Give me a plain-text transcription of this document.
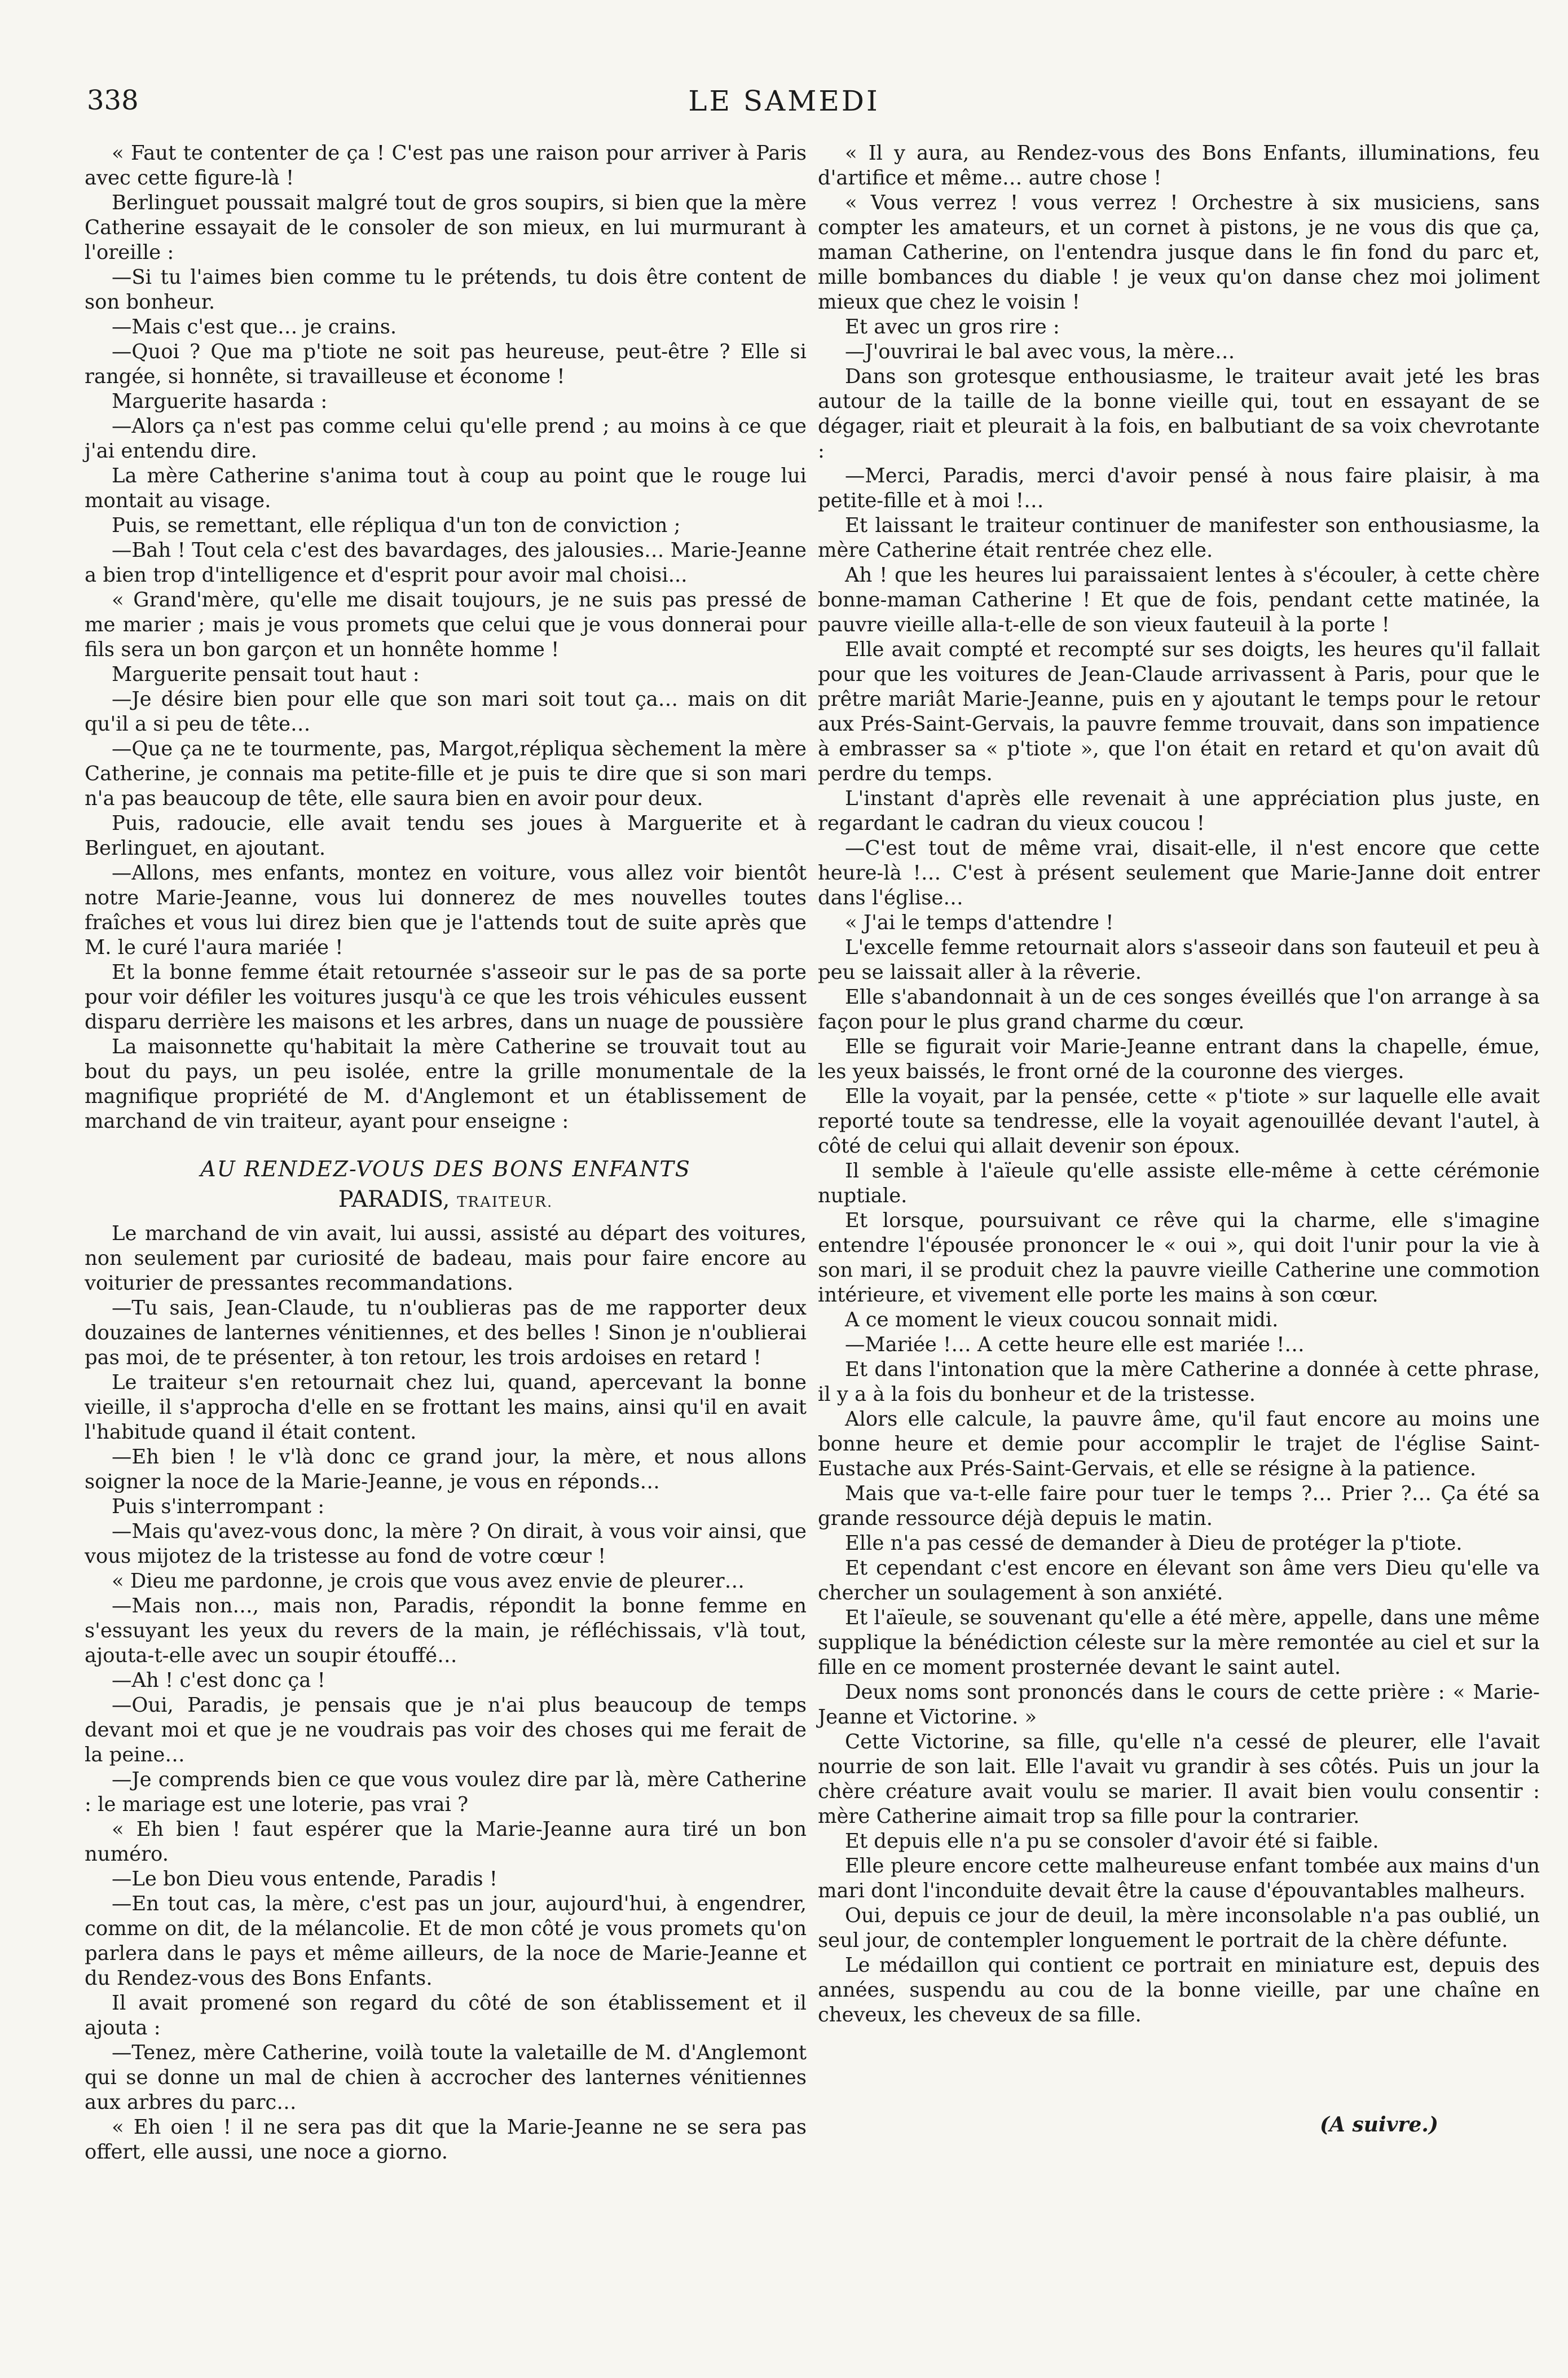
338	LE SAMEDI

« Faut te contenter de ça ! C'est pas une raison pour arriver à Paris avec cette figure-là !

Berlinguet poussait malgré tout de gros soupirs, si bien que la mère Catherine essayait de le consoler de son mieux, en lui murmurant à l'oreille :

—Si tu l'aimes bien comme tu le prétends, tu dois être content de son bonheur.

—Mais c'est que… je crains.

—Quoi ? Que ma p'tiote ne soit pas heureuse, peut-être ? Elle si rangée, si honnête, si travailleuse et économe !

Marguerite hasarda :

—Alors ça n'est pas comme celui qu'elle prend ; au moins à ce que j'ai entendu dire.

La mère Catherine s'anima tout à coup au point que le rouge lui montait au visage.

Puis, se remettant, elle répliqua d'un ton de conviction ;

—Bah ! Tout cela c'est des bavardages, des jalousies… Marie-Jeanne a bien trop d'intelligence et d'esprit pour avoir mal choisi...

« Grand'mère, qu'elle me disait toujours, je ne suis pas pressé de me marier ; mais je vous promets que celui que je vous donnerai pour fils sera un bon garçon et un honnête homme !

Marguerite pensait tout haut :

—Je désire bien pour elle que son mari soit tout ça… mais on dit qu'il a si peu de tête…

—Que ça ne te tourmente, pas, Margot,répliqua sèchement la mère Catherine, je connais ma petite-fille et je puis te dire que si son mari n'a pas beaucoup de tête, elle saura bien en avoir pour deux.

Puis, radoucie, elle avait tendu ses joues à Marguerite et à Berlinguet, en ajoutant.

—Allons, mes enfants, montez en voiture, vous allez voir bientôt notre Marie-Jeanne, vous lui donnerez de mes nouvelles toutes fraîches et vous lui direz bien que je l'attends tout de suite après que M. le curé l'aura mariée !

Et la bonne femme était retournée s'asseoir sur le pas de sa porte pour voir défiler les voitures jusqu'à ce que les trois véhicules eussent disparu derrière les maisons et les arbres, dans un nuage de poussière

La maisonnette qu'habitait la mère Catherine se trouvait tout au bout du pays, un peu isolée, entre la grille monumentale de la magnifique propriété de M. d'Anglemont et un établissement de marchand de vin traiteur, ayant pour enseigne :

AU RENDEZ-VOUS DES BONS ENFANTS
PARADIS, TRAITEUR.

Le marchand de vin avait, lui aussi, assisté au départ des voitures, non seulement par curiosité de badeau, mais pour faire encore au voiturier de pressantes recommandations.

—Tu sais, Jean-Claude, tu n'oublieras pas de me rapporter deux douzaines de lanternes vénitiennes, et des belles ! Sinon je n'oublierai pas moi, de te présenter, à ton retour, les trois ardoises en retard !

Le traiteur s'en retournait chez lui, quand, apercevant la bonne vieille, il s'approcha d'elle en se frottant les mains, ainsi qu'il en avait l'habitude quand il était content.

—Eh bien ! le v'là donc ce grand jour, la mère, et nous allons soigner la noce de la Marie-Jeanne, je vous en réponds…

Puis s'interrompant :

—Mais qu'avez-vous donc, la mère ? On dirait, à vous voir ainsi, que vous mijotez de la tristesse au fond de votre cœur !

« Dieu me pardonne, je crois que vous avez envie de pleurer…

—Mais non…, mais non, Paradis, répondit la bonne femme en s'essuyant les yeux du revers de la main, je réfléchissais, v'là tout, ajouta-t-elle avec un soupir étouffé…

—Ah ! c'est donc ça !

—Oui, Paradis, je pensais que je n'ai plus beaucoup de temps devant moi et que je ne voudrais pas voir des choses qui me ferait de la peine…

—Je comprends bien ce que vous voulez dire par là, mère Catherine : le mariage est une loterie, pas vrai ?

« Eh bien ! faut espérer que la Marie-Jeanne aura tiré un bon numéro.

—Le bon Dieu vous entende, Paradis !

—En tout cas, la mère, c'est pas un jour, aujourd'hui, à engendrer, comme on dit, de la mélancolie. Et de mon côté je vous promets qu'on parlera dans le pays et même ailleurs, de la noce de Marie-Jeanne et du Rendez-vous des Bons Enfants.

Il avait promené son regard du côté de son établissement et il ajouta :

—Tenez, mère Catherine, voilà toute la valetaille de M. d'Anglemont qui se donne un mal de chien à accrocher des lanternes vénitiennes aux arbres du parc…

« Eh oien ! il ne sera pas dit que la Marie-Jeanne ne se sera pas offert, elle aussi, une noce a giorno.

« Il y aura, au Rendez-vous des Bons Enfants, illuminations, feu d'artifice et même… autre chose !

« Vous verrez ! vous verrez ! Orchestre à six musiciens, sans compter les amateurs, et un cornet à pistons, je ne vous dis que ça, maman Catherine, on l'entendra jusque dans le fin fond du parc et, mille bombances du diable ! je veux qu'on danse chez moi joliment mieux que chez le voisin !

Et avec un gros rire :

—J'ouvrirai le bal avec vous, la mère…

Dans son grotesque enthousiasme, le traiteur avait jeté les bras autour de la taille de la bonne vieille qui, tout en essayant de se dégager, riait et pleurait à la fois, en balbutiant de sa voix chevrotante :

—Merci, Paradis, merci d'avoir pensé à nous faire plaisir, à ma petite-fille et à moi !…

Et laissant le traiteur continuer de manifester son enthousiasme, la mère Catherine était rentrée chez elle.

Ah ! que les heures lui paraissaient lentes à s'écouler, à cette chère bonne-maman Catherine ! Et que de fois, pendant cette matinée, la pauvre vieille alla-t-elle de son vieux fauteuil à la porte !

Elle avait compté et recompté sur ses doigts, les heures qu'il fallait pour que les voitures de Jean-Claude arrivassent à Paris, pour que le prêtre mariât Marie-Jeanne, puis en y ajoutant le temps pour le retour aux Prés-Saint-Gervais, la pauvre femme trouvait, dans son impatience à embrasser sa « p'tiote », que l'on était en retard et qu'on avait dû perdre du temps.

L'instant d'après elle revenait à une appréciation plus juste, en regardant le cadran du vieux coucou !

—C'est tout de même vrai, disait-elle, il n'est encore que cette heure-là !… C'est à présent seulement que Marie-Janne doit entrer dans l'église…

« J'ai le temps d'attendre !

L'excelle femme retournait alors s'asseoir dans son fauteuil et peu à peu se laissait aller à la rêverie.

Elle s'abandonnait à un de ces songes éveillés que l'on arrange à sa façon pour le plus grand charme du cœur.

Elle se figurait voir Marie-Jeanne entrant dans la chapelle, émue, les yeux baissés, le front orné de la couronne des vierges.

Elle la voyait, par la pensée, cette « p'tiote » sur laquelle elle avait reporté toute sa tendresse, elle la voyait agenouillée devant l'autel, à côté de celui qui allait devenir son époux.

Il semble à l'aïeule qu'elle assiste elle-même à cette cérémonie nuptiale.

Et lorsque, poursuivant ce rêve qui la charme, elle s'imagine entendre l'épousée prononcer le « oui », qui doit l'unir pour la vie à son mari, il se produit chez la pauvre vieille Catherine une commotion intérieure, et vivement elle porte les mains à son cœur.

A ce moment le vieux coucou sonnait midi.

—Mariée !… A cette heure elle est mariée !…

Et dans l'intonation que la mère Catherine a donnée à cette phrase, il y a à la fois du bonheur et de la tristesse.

Alors elle calcule, la pauvre âme, qu'il faut encore au moins une bonne heure et demie pour accomplir le trajet de l'église Saint-Eustache aux Prés-Saint-Gervais, et elle se résigne à la patience.

Mais que va-t-elle faire pour tuer le temps ?… Prier ?… Ça été sa grande ressource déjà depuis le matin.

Elle n'a pas cessé de demander à Dieu de protéger la p'tiote.

Et cependant c'est encore en élevant son âme vers Dieu qu'elle va chercher un soulagement à son anxiété.

Et l'aïeule, se souvenant qu'elle a été mère, appelle, dans une même supplique la bénédiction céleste sur la mère remontée au ciel et sur la fille en ce moment prosternée devant le saint autel.

Deux noms sont prononcés dans le cours de cette prière : « Marie-Jeanne et Victorine. »

Cette Victorine, sa fille, qu'elle n'a cessé de pleurer, elle l'avait nourrie de son lait. Elle l'avait vu grandir à ses côtés. Puis un jour la chère créature avait voulu se marier. Il avait bien voulu consentir : mère Catherine aimait trop sa fille pour la contrarier.

Et depuis elle n'a pu se consoler d'avoir été si faible.

Elle pleure encore cette malheureuse enfant tombée aux mains d'un mari dont l'inconduite devait être la cause d'épouvantables malheurs.

Oui, depuis ce jour de deuil, la mère inconsolable n'a pas oublié, un seul jour, de contempler longuement le portrait de la chère défunte.

Le médaillon qui contient ce portrait en miniature est, depuis des années, suspendu au cou de la bonne vieille, par une chaîne en cheveux, les cheveux de sa fille.

(A suivre.)
